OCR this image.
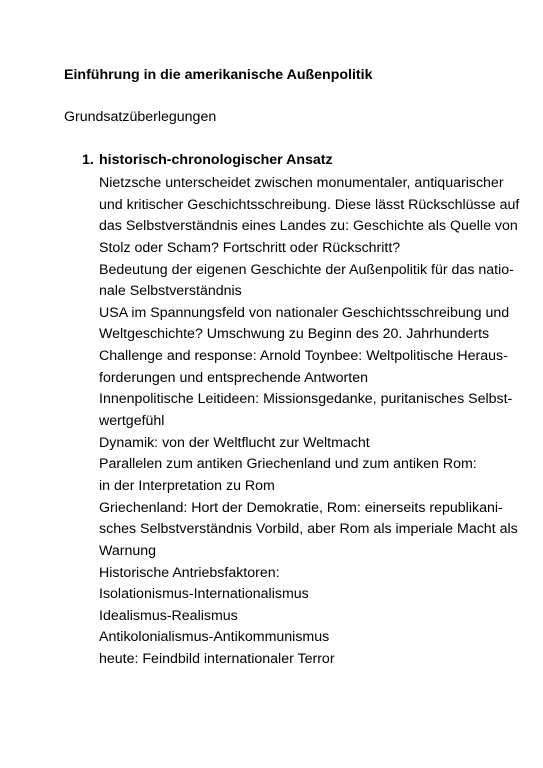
Einführung in die amerikanische Außenpolitik
Grundsatzüberlegungen
1. historisch-chronologischer Ansatz
Nietzsche unterscheidet zwischen monumentaler, antiquarischer
und kritischer Geschichtsschreibung. Diese lässt Rückschlüsse auf
das Selbstverständnis eines Landes zu: Geschichte als Quelle von
Stolz oder Scham? Fortschritt oder Rückschritt?
Bedeutung der eigenen Geschichte der Außenpolitik für das natio-
nale Selbstverständnis
USA im Spannungsfeld von nationaler Geschichtsschreibung und
Weltgeschichte? Umschwung zu Beginn des 20. Jahrhunderts
Challenge and response: Arnold Toynbee: Weltpolitische Heraus-
forderungen und entsprechende Antworten
Innenpolitische Leitideen: Missionsgedanke, puritanisches Selbst-
wertgefühl
Dynamik: von der Weltflucht zur Weltmacht
Parallelen zum antiken Griechenland und zum antiken Rom:
in der Interpretation zu Rom
Griechenland: Hort der Demokratie, Rom: einerseits republikani-
sches Selbstverständnis Vorbild, aber Rom als imperiale Macht als
Warnung
Historische Antriebsfaktoren:
Isolationismus-Internationalismus
Idealismus-Realismus
Antikolonialismus-Antikommunismus
heute: Feindbild internationaler Terror
